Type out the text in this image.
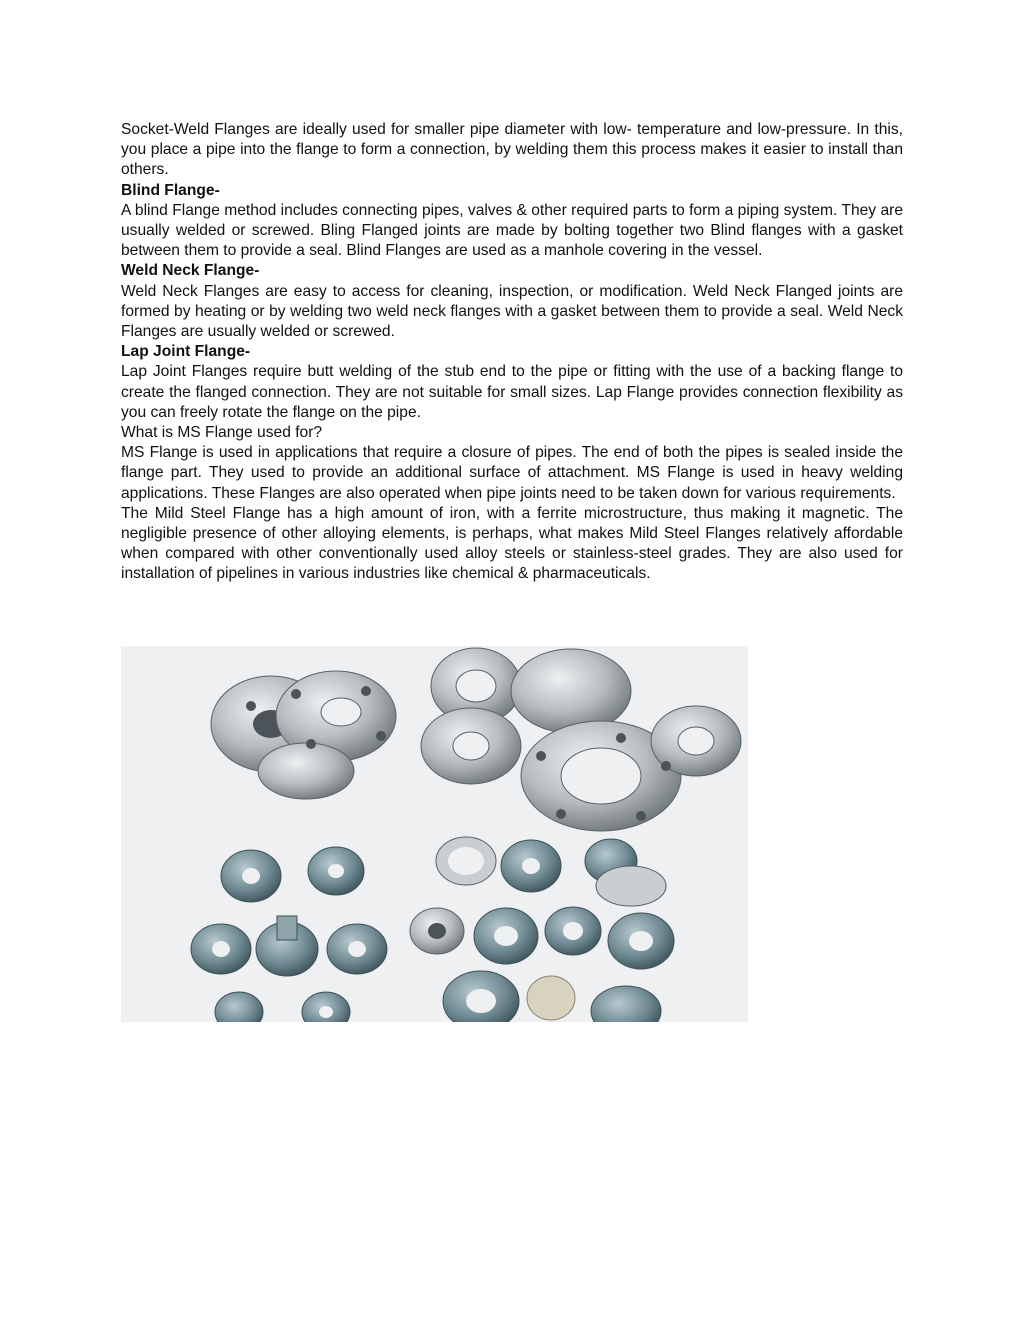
Socket-Weld Flanges are ideally used for smaller pipe diameter with low- temperature and low-pressure. In this, you place a pipe into the flange to form a connection, by welding them this process makes it easier to install than others.

Blind Flange-

A blind Flange method includes connecting pipes, valves & other required parts to form a piping system. They are usually welded or screwed. Bling Flanged joints are made by bolting together two Blind flanges with a gasket between them to provide a seal. Blind Flanges are used as a manhole covering in the vessel.

Weld Neck Flange-

Weld Neck Flanges are easy to access for cleaning, inspection, or modification. Weld Neck Flanged joints are formed by heating or by welding two weld neck flanges with a gasket between them to provide a seal. Weld Neck Flanges are usually welded or screwed.

Lap Joint Flange-

Lap Joint Flanges require butt welding of the stub end to the pipe or fitting with the use of a backing flange to create the flanged connection. They are not suitable for small sizes. Lap Flange provides connection flexibility as you can freely rotate the flange on the pipe.

What is MS Flange used for?

MS Flange is used in applications that require a closure of pipes. The end of both the pipes is sealed inside the flange part. They used to provide an additional surface of attachment. MS Flange is used in heavy welding applications. These Flanges are also operated when pipe joints need to be taken down for various requirements.

The Mild Steel Flange has a high amount of iron, with a ferrite microstructure, thus making it magnetic. The negligible presence of other alloying elements, is perhaps, what makes Mild Steel Flanges relatively affordable when compared with other conventionally used alloy steels or stainless-steel grades. They are also used for installation of pipelines in various industries like chemical & pharmaceuticals.
